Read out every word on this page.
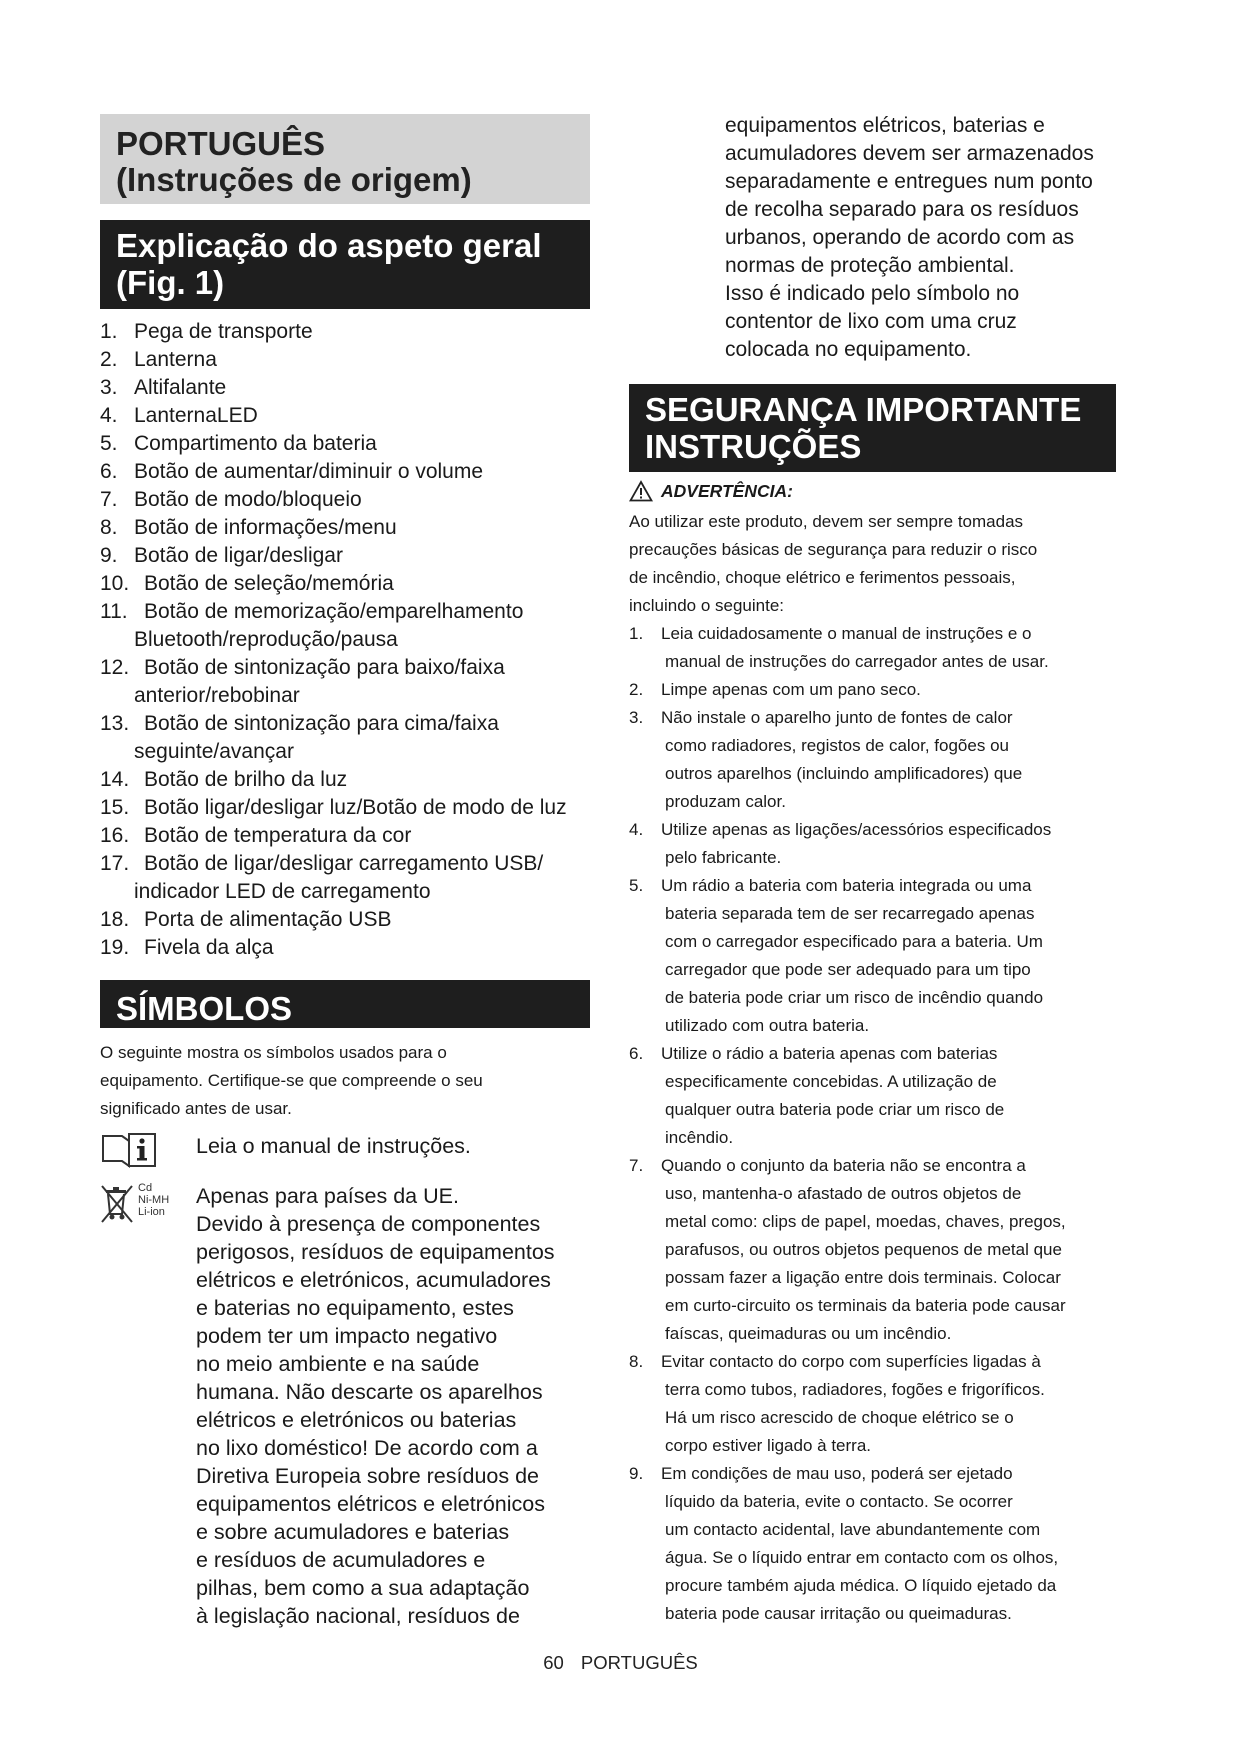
PORTUGUÊS
(Instruções de origem)
Explicação do aspeto geral
(Fig. 1)
1. Pega de transporte
2. Lanterna
3. Altifalante
4. LanternaLED
5. Compartimento da bateria
6. Botão de aumentar/diminuir o volume
7. Botão de modo/bloqueio
8. Botão de informações/menu
9. Botão de ligar/desligar
10. Botão de seleção/memória
11. Botão de memorização/emparelhamento
Bluetooth/reprodução/pausa
12. Botão de sintonização para baixo/faixa
anterior/rebobinar
13. Botão de sintonização para cima/faixa
seguinte/avançar
14. Botão de brilho da luz
15. Botão ligar/desligar luz/Botão de modo de luz
16. Botão de temperatura da cor
17. Botão de ligar/desligar carregamento USB/
indicador LED de carregamento
18. Porta de alimentação USB
19. Fivela da alça
SÍMBOLOS
O seguinte mostra os símbolos usados para o
equipamento. Certifique-se que compreende o seu
significado antes de usar.
Leia o manual de instruções.
Cd
Ni-MH
Li-ion
Apenas para países da UE.
Devido à presença de componentes
perigosos, resíduos de equipamentos
elétricos e eletrónicos, acumuladores
e baterias no equipamento, estes
podem ter um impacto negativo
no meio ambiente e na saúde
humana. Não descarte os aparelhos
elétricos e eletrónicos ou baterias
no lixo doméstico! De acordo com a
Diretiva Europeia sobre resíduos de
equipamentos elétricos e eletrónicos
e sobre acumuladores e baterias
e resíduos de acumuladores e
pilhas, bem como a sua adaptação
à legislação nacional, resíduos de
equipamentos elétricos, baterias e
acumuladores devem ser armazenados
separadamente e entregues num ponto
de recolha separado para os resíduos
urbanos, operando de acordo com as
normas de proteção ambiental.
Isso é indicado pelo símbolo no
contentor de lixo com uma cruz
colocada no equipamento.
SEGURANÇA IMPORTANTE
INSTRUÇÕES
ADVERTÊNCIA:
Ao utilizar este produto, devem ser sempre tomadas
precauções básicas de segurança para reduzir o risco
de incêndio, choque elétrico e ferimentos pessoais,
incluindo o seguinte:
1.	Leia cuidadosamente o manual de instruções e o
manual de instruções do carregador antes de usar.
2.	Limpe apenas com um pano seco.
3.	Não instale o aparelho junto de fontes de calor
como radiadores, registos de calor, fogões ou
outros aparelhos (incluindo amplificadores) que
produzam calor.
4.	Utilize apenas as ligações/acessórios especificados
pelo fabricante.
5.	Um rádio a bateria com bateria integrada ou uma
bateria separada tem de ser recarregado apenas
com o carregador especificado para a bateria. Um
carregador que pode ser adequado para um tipo
de bateria pode criar um risco de incêndio quando
utilizado com outra bateria.
6.	Utilize o rádio a bateria apenas com baterias
especificamente concebidas. A utilização de
qualquer outra bateria pode criar um risco de
incêndio.
7.	Quando o conjunto da bateria não se encontra a
uso, mantenha-o afastado de outros objetos de
metal como: clips de papel, moedas, chaves, pregos,
parafusos, ou outros objetos pequenos de metal que
possam fazer a ligação entre dois terminais. Colocar
em curto-circuito os terminais da bateria pode causar
faíscas, queimaduras ou um incêndio.
8.	Evitar contacto do corpo com superfícies ligadas à
terra como tubos, radiadores, fogões e frigoríficos.
Há um risco acrescido de choque elétrico se o
corpo estiver ligado à terra.
9.	Em condições de mau uso, poderá ser ejetado
líquido da bateria, evite o contacto. Se ocorrer
um contacto acidental, lave abundantemente com
água. Se o líquido entrar em contacto com os olhos,
procure também ajuda médica. O líquido ejetado da
bateria pode causar irritação ou queimaduras.
60 PORTUGUÊS
